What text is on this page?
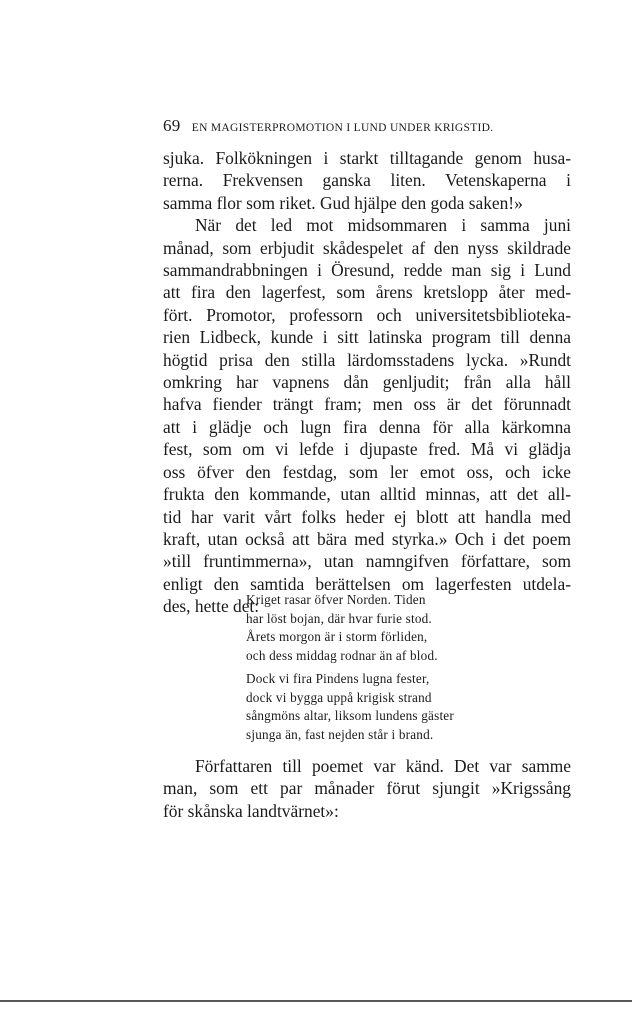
69 EN MAGISTERPROMOTION I LUND UNDER KRIGSTID.
sjuka. Folkökningen i starkt tilltagande genom husa-
rerna. Frekvensen ganska liten. Vetenskaperna i
samma flor som riket. Gud hjälpe den goda saken!»
När det led mot midsommaren i samma juni
månad, som erbjudit skådespelet af den nyss skildrade
sammandrabbningen i Öresund, redde man sig i Lund
att fira den lagerfest, som årens kretslopp åter med-
fört. Promotor, professorn och universitetsbiblioteka-
rien Lidbeck, kunde i sitt latinska program till denna
högtid prisa den stilla lärdomsstadens lycka. »Rundt
omkring har vapnens dån genljudit; från alla håll
hafva fiender trängt fram; men oss är det förunnadt
att i glädje och lugn fira denna för alla kärkomna
fest, som om vi lefde i djupaste fred. Må vi glädja
oss öfver den festdag, som ler emot oss, och icke
frukta den kommande, utan alltid minnas, att det all-
tid har varit vårt folks heder ej blott att handla med
kraft, utan också att bära med styrka.» Och i det poem
»till fruntimmerna», utan namngifven författare, som
enligt den samtida berättelsen om lagerfesten utdela-
des, hette det:
Kriget rasar öfver Norden. Tiden
har löst bojan, där hvar furie stod.
Årets morgon är i storm förliden,
och dess middag rodnar än af blod.
Dock vi fira Pindens lugna fester,
dock vi bygga uppå krigisk strand
sångmöns altar, liksom lundens gäster
sjunga än, fast nejden står i brand.
Författaren till poemet var känd. Det var samme
man, som ett par månader förut sjungit »Krigssång
för skånska landtvärnet»:
